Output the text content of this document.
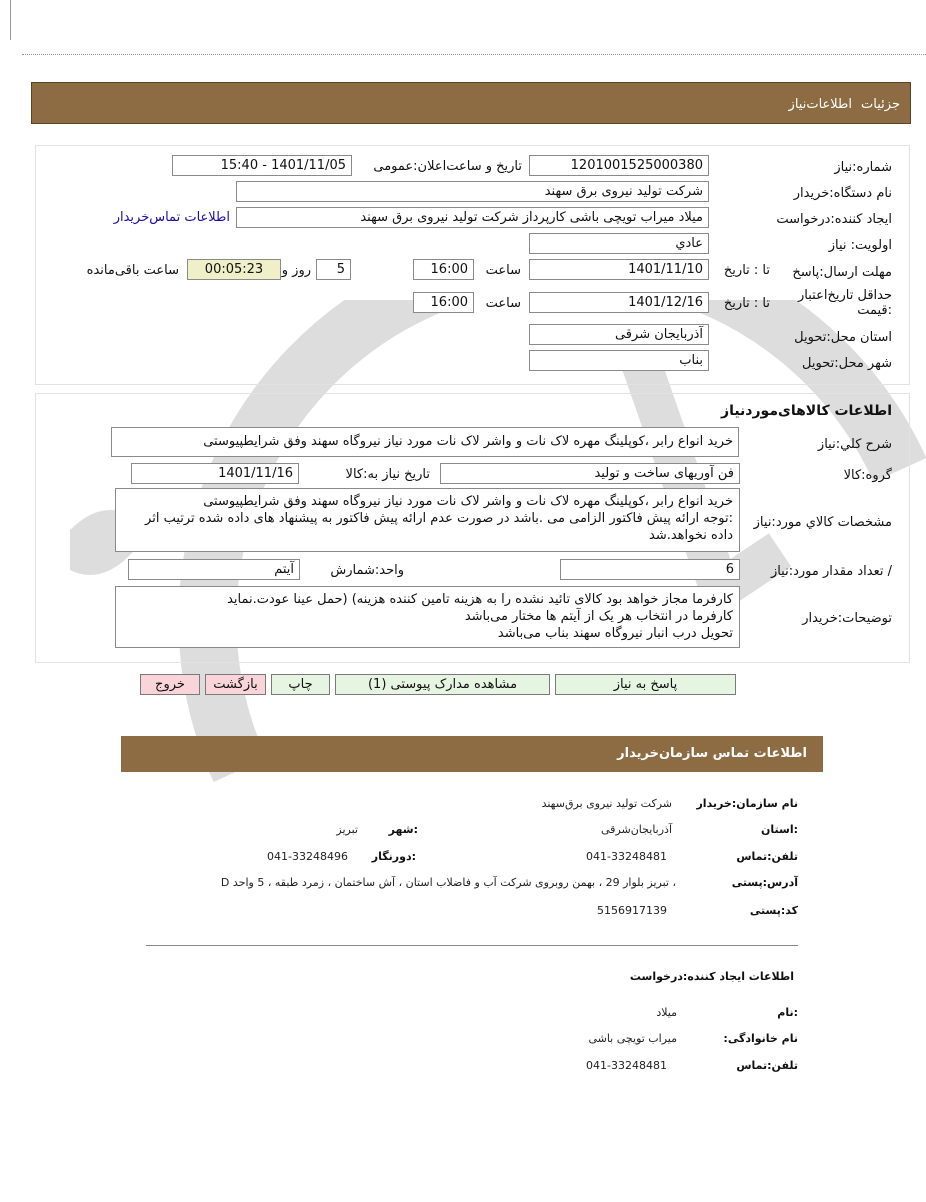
جزئیات
اطلاعات‌نیاز
شماره‌:نیاز
1201001525000380
تاریخ و ساعت‌اعلان‌:عمومی
1401/11/05 - 15:40
نام دستگاه‌:خریدار
شرکت تولید نیروی برق سهند
ایجاد کننده‌:درخواست
میلاد میراب تویچی باشی کارپرداز شرکت تولید نیروی برق سهند
اطلاعات تماس‌خریدار
اولویت:‌ نیاز
عادي
مهلت ارسال‌:پاسخ
تا : تاریخ
1401/11/10
ساعت
16:00
5
روز و
00:05:23
ساعت باقی‌مانده
حداقل تاریخ‌اعتبار :قیمت
تا : تاریخ
1401/12/16
ساعت
16:00
استان محل‌:تحویل
آذربایجان شرقی
شهر محل‌:تحویل
بناب
اطلاعات کالاهای‌موردنیاز
شرح کلي‌:نياز
خرید انواع رابر ،کوپلینگ مهره لاک نات و واشر لاک نات مورد نیاز نیروگاه سهند وفق شرایطپیوستی
گروه‌:کالا
فن آوریهای ساخت و تولید
تاریخ نیاز به‌:کالا
1401/11/16
مشخصات کالاي مورد‌:نياز
خرید انواع رابر ،کوپلینگ مهره لاک نات و واشر لاک نات مورد نیاز نیروگاه سهند وفق شرایطپیوستی
:توجه ارائه پیش فاکتور الزامی می .باشد در صورت عدم ارائه پیش فاکتور به پیشنهاد های داده شده ترتیب اثر داده نخواهد.شد
/ تعداد مقدار مورد‌:نياز
6
واحد‌:شمارش
آیتم
توضيحات‌:خريدار
کارفرما مجاز خواهد بود کالای تائید نشده را به هزینه تامین کننده هزینه) (حمل عینا عودت.نماید
کارفرما در انتخاب هر یک از آیتم ها مختار می‌باشد
تحویل درب انبار نیروگاه سهند بناب می‌باشد
پاسخ به نیاز
مشاهده مدارک پیوستی (1)
چاپ
بازگشت
خروج
اطلاعات تماس سازمان‌خریدار
نام سازمان‌:خریدار
شرکت تولید نیروی برق‌سهند
:استان
آذربایجان‌شرقی
:شهر
تبریز
تلفن‌:تماس
041-33248481
:دورنگار
041-33248496
آدرس‌:پستی
، تبریز بلوار 29 ، بهمن روبروی شرکت آب و فاضلاب استان ، آش ساختمان ، زمرد طبقه ، 5 واحد D
کد‌:پستی
5156917139
اطلاعات ایجاد کننده‌:درخواست
:نام
میلاد
نام خانوادگی:
میراب تویچی باشی
تلفن‌:تماس
041-33248481
